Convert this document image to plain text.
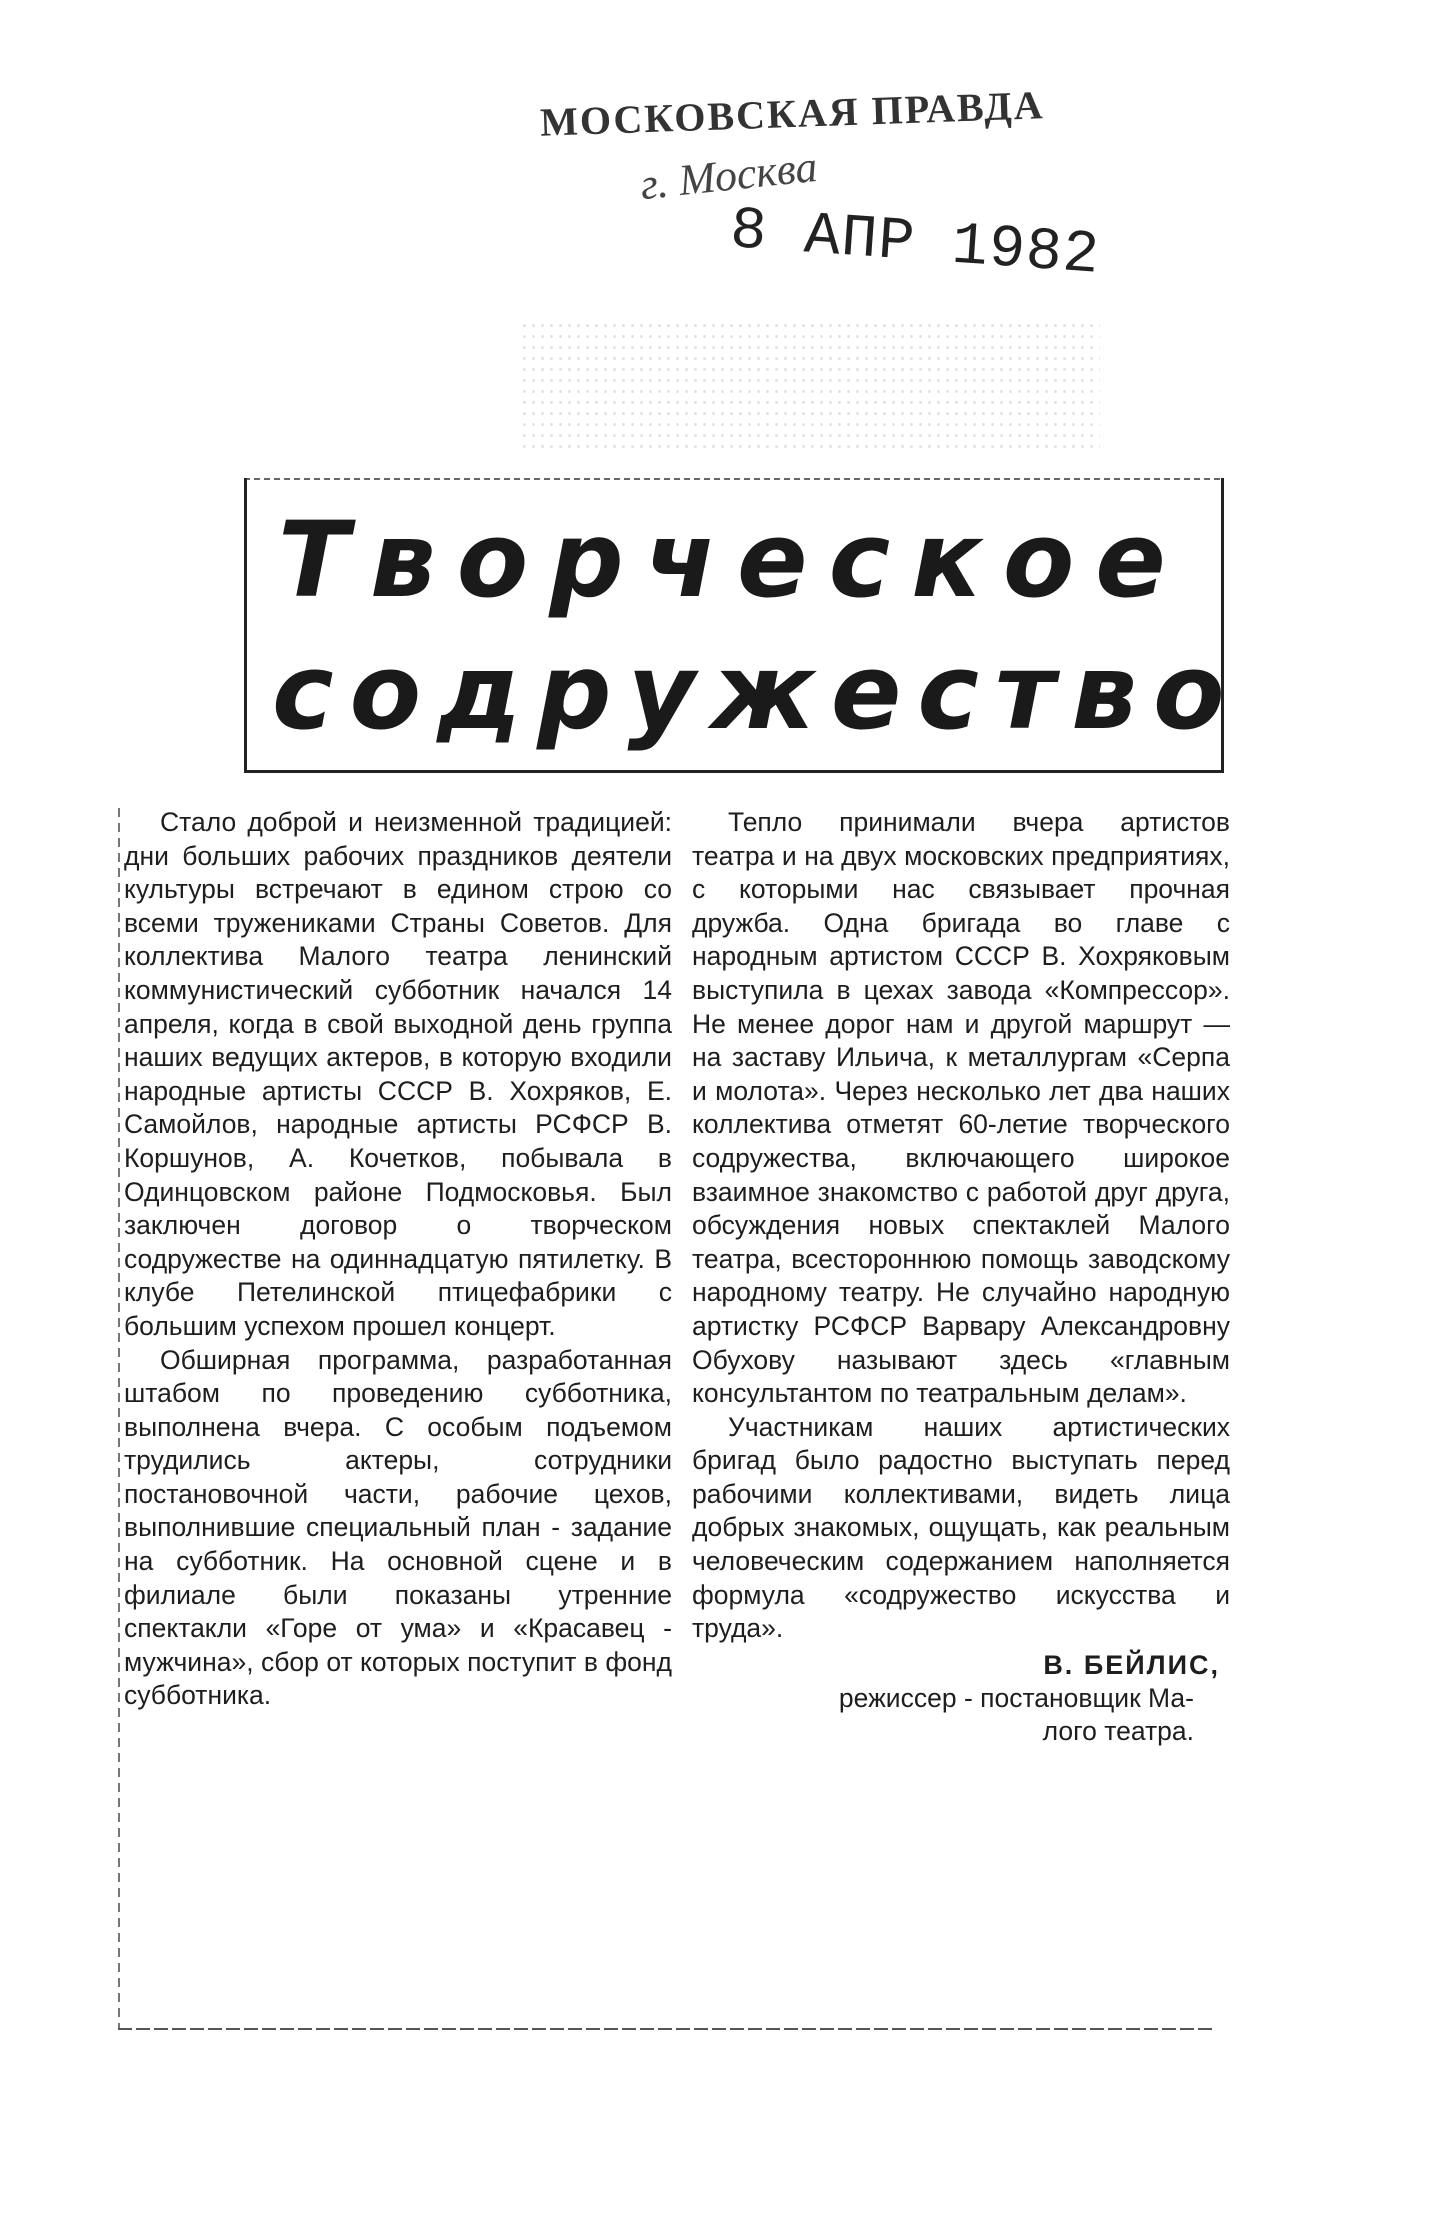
МОСКОВСКАЯ ПРАВДА
г. Москва
8 АПР 1982
Творческое
содружество

Стало доброй и неизменной традицией: дни больших рабочих праздников деятели культуры встречают в едином строю со всеми тружениками Страны Советов. Для коллектива Малого театра ленинский коммунистический субботник начался 14 апреля, когда в свой выходной день группа наших ведущих актеров, в которую входили народные артисты СССР В. Хохряков, Е. Самойлов, народные артисты РСФСР В. Коршунов, А. Кочетков, побывала в Одинцовском районе Подмосковья. Был заключен договор о творческом содружестве на одиннадцатую пятилетку. В клубе Петелинской птицефабрики с большим успехом прошел концерт.

Обширная программа, разработанная штабом по проведению субботника, выполнена вчера. С особым подъемом трудились актеры, сотрудники постановочной части, рабочие цехов, выполнившие специальный план - задание на субботник. На основной сцене и в филиале были показаны утренние спектакли «Горе от ума» и «Красавец - мужчина», сбор от которых поступит в фонд субботника.

Тепло принимали вчера артистов театра и на двух московских предприятиях, с которыми нас связывает прочная дружба. Одна бригада во главе с народным артистом СССР В. Хохряковым выступила в цехах завода «Компрессор». Не менее дорог нам и другой маршрут — на заставу Ильича, к металлургам «Серпа и молота». Через несколько лет два наших коллектива отметят 60-летие творческого содружества, включающего широкое взаимное знакомство с работой друг друга, обсуждения новых спектаклей Малого театра, всестороннюю помощь заводскому народному театру. Не случайно народную артистку РСФСР Варвару Александровну Обухову называют здесь «главным консультантом по театральным делам».

Участникам наших артистических бригад было радостно выступать перед рабочими коллективами, видеть лица добрых знакомых, ощущать, как реальным человеческим содержанием наполняется формула «содружество искусства и труда».

В. БЕЙЛИС,
режиссер - постановщик Ма-
лого театра.
